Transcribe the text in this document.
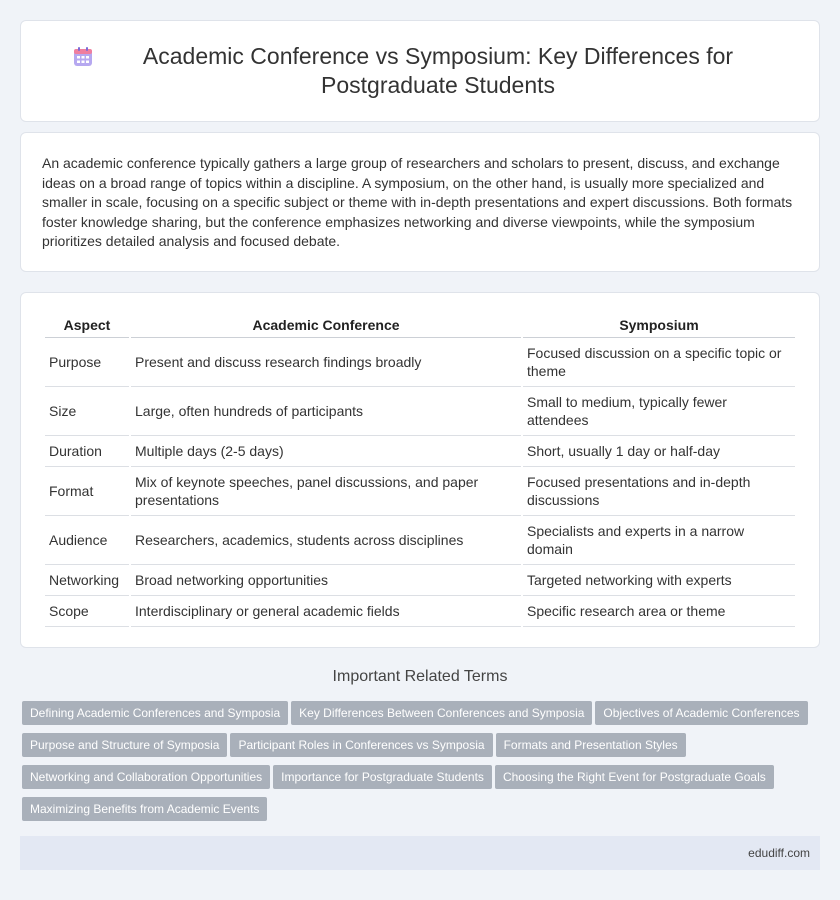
Academic Conference vs Symposium: Key Differences for Postgraduate Students

An academic conference typically gathers a large group of researchers and scholars to present, discuss, and exchange ideas on a broad range of topics within a discipline. A symposium, on the other hand, is usually more specialized and smaller in scale, focusing on a specific subject or theme with in-depth presentations and expert discussions. Both formats foster knowledge sharing, but the conference emphasizes networking and diverse viewpoints, while the symposium prioritizes detailed analysis and focused debate.

Aspect	Academic Conference	Symposium
Purpose	Present and discuss research findings broadly	Focused discussion on a specific topic or theme
Size	Large, often hundreds of participants	Small to medium, typically fewer attendees
Duration	Multiple days (2-5 days)	Short, usually 1 day or half-day
Format	Mix of keynote speeches, panel discussions, and paper presentations	Focused presentations and in-depth discussions
Audience	Researchers, academics, students across disciplines	Specialists and experts in a narrow domain
Networking	Broad networking opportunities	Targeted networking with experts
Scope	Interdisciplinary or general academic fields	Specific research area or theme
Important Related Terms
Defining Academic Conferences and Symposia Key Differences Between Conferences and Symposia Objectives of Academic Conferences
Purpose and Structure of Symposia Participant Roles in Conferences vs Symposia Formats and Presentation Styles
Networking and Collaboration Opportunities Importance for Postgraduate Students Choosing the Right Event for Postgraduate Goals
Maximizing Benefits from Academic Events
edudiff.com
